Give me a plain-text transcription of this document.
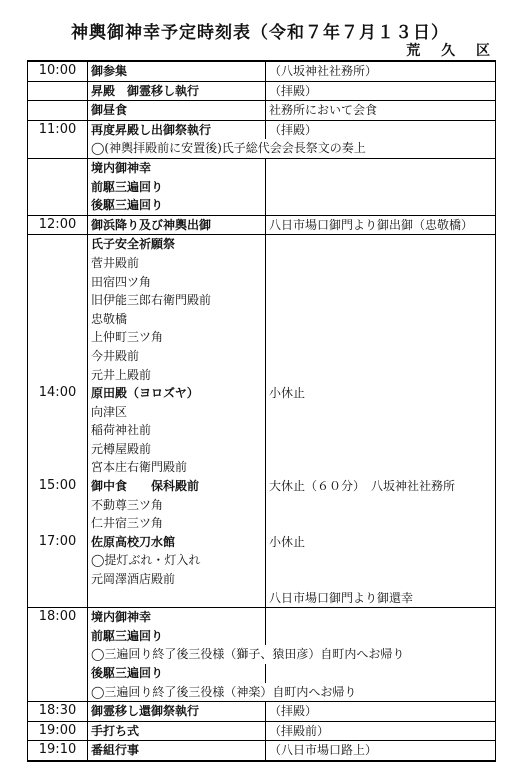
神輿御神幸予定時刻表（令和７年７月１３日）
荒 久 区
10:00	御参集	（八坂神社社務所）
	昇殿　御霊移し執行	（拝殿）
	御昼食	社務所において会食
11:00	再度昇殿し出御祭執行	（拝殿）
	◯(神輿拝殿前に安置後)氏子総代会会長祭文の奏上	
	境内御神幸	
	前駆三遍回り	
	後駆三遍回り	
12:00	御浜降り及び神輿出御	八日市場口御門より御出御（忠敬橋）
	氏子安全祈願祭	
	菅井殿前	
	田宿四ツ角	
	旧伊能三郎右衛門殿前	
	忠敬橋	
	上仲町三ツ角	
	今井殿前	
	元井上殿前	
14:00	原田殿（ヨロズヤ）	小休止
	向津区	
	稲荷神社前	
	元樽屋殿前	
	宮本庄右衛門殿前	
15:00	御中食　　保科殿前	大休止（６０分）　八坂神社社務所
	不動尊三ツ角	
	仁井宿三ツ角	
17:00	佐原高校刀水館	小休止
	◯提灯ぶれ・灯入れ	
	元岡澤酒店殿前	
		八日市場口御門より御還幸
18:00	境内御神幸	
	前駆三遍回り	
	◯三遍回り終了後三役様（獅子、猿田彦）自町内へお帰り	
	後駆三遍回り	
	◯三遍回り終了後三役様（神楽）自町内へお帰り	
18:30	御霊移し還御祭執行	（拝殿）
19:00	手打ち式	（拝殿前）
19:10	番組行事	（八日市場口路上）
